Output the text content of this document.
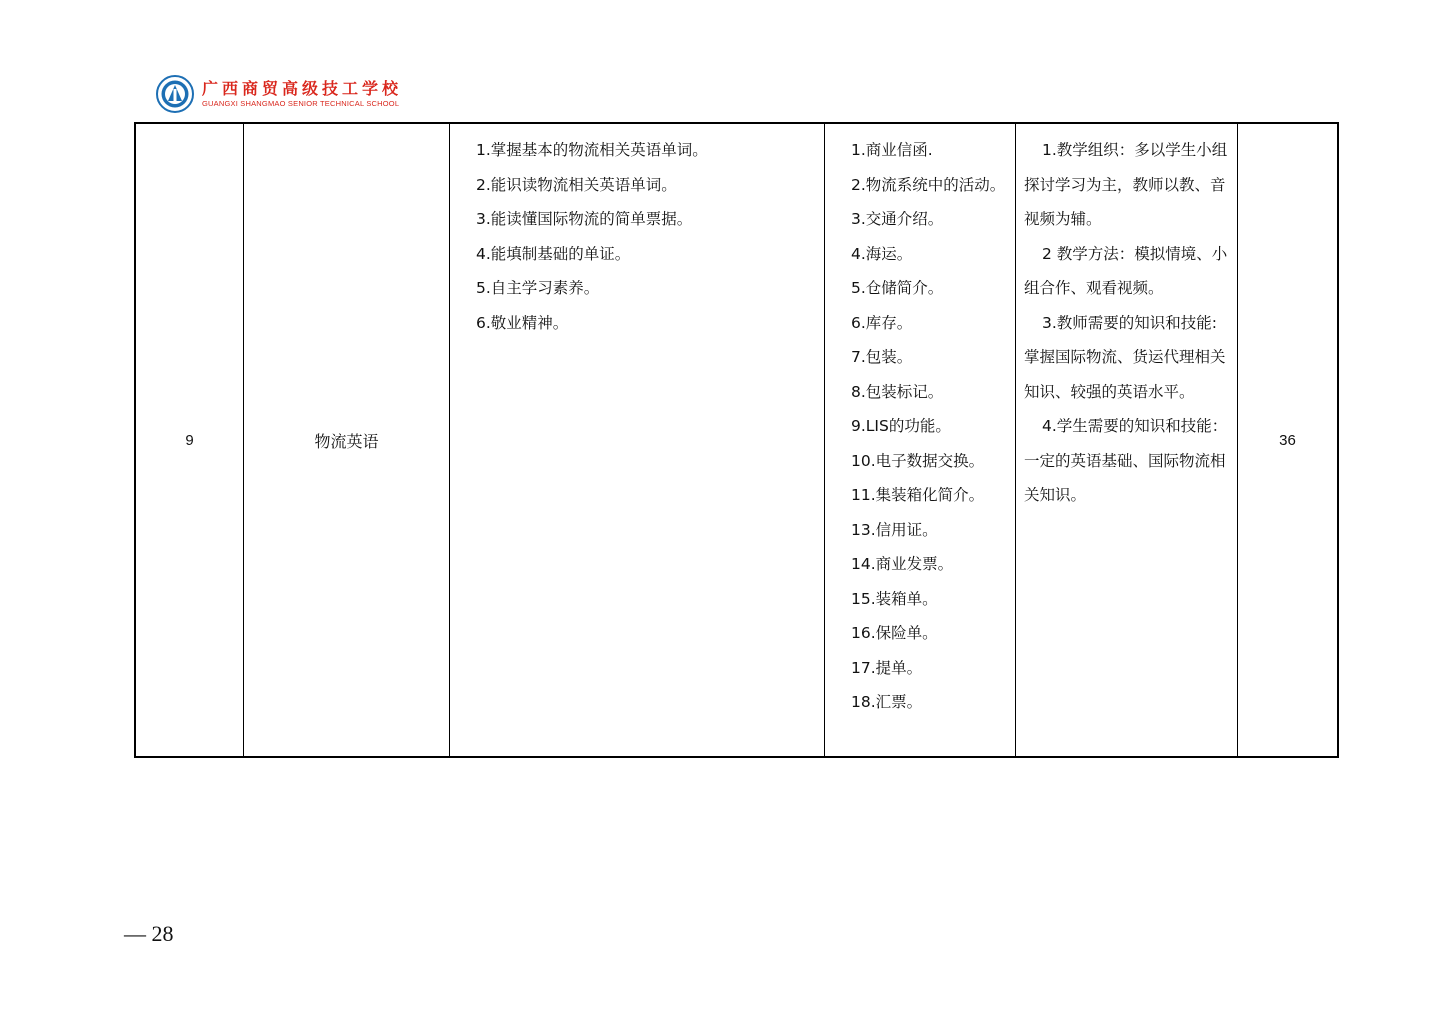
广西商贸高级技工学校
GUANGXI SHANGMAO SENIOR TECHNICAL SCHOOL
9	物流英语	
1.掌握基本的物流相关英语单词。
2.能识读物流相关英语单词。
3.能读懂国际物流的简单票据。
4.能填制基础的单证。
5.自主学习素养。
6.敬业精神。

1.商业信函.
2.物流系统中的活动。
3.交通介绍。
4.海运。
5.仓储简介。
6.库存。
7.包装。
8.包装标记。
9.LIS的功能。
10.电子数据交换。
11.集装箱化简介。
13.信用证。
14.商业发票。
15.装箱单。
16.保险单。
17.提单。
18.汇票。

1.教学组织：多以学生小组探讨学习为主，教师以教、音视频为辅。
2 教学方法：模拟情境、小组合作、观看视频。
3.教师需要的知识和技能:掌握国际物流、货运代理相关知识、较强的英语水平。
4.学生需要的知识和技能：一定的英语基础、国际物流相关知识。
	36
— 28
